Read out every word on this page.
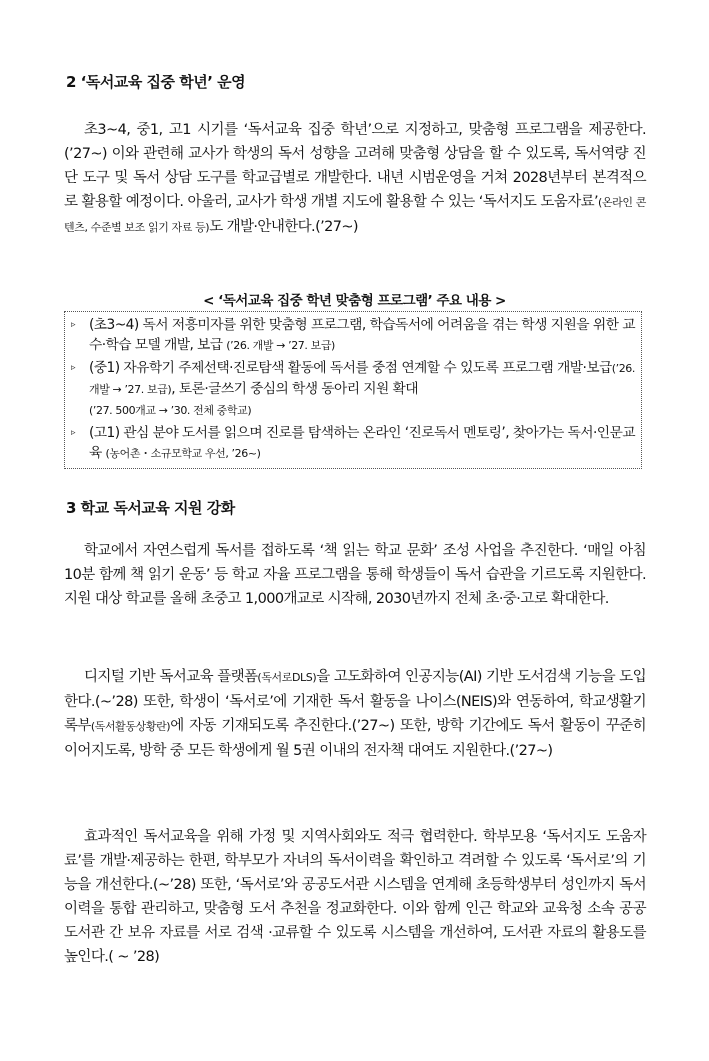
2 ‘독서교육 집중 학년’ 운영

초3~4, 중1, 고1 시기를 ‘독서교육 집중 학년’으로 지정하고, 맞춤형 프로그램을 제공한다.(’27~) 이와 관련해 교사가 학생의 독서 성향을 고려해 맞춤형 상담을 할 수 있도록, 독서역량 진단 도구 및 독서 상담 도구를 학교급별로 개발한다. 내년 시범운영을 거쳐 2028년부터 본격적으로 활용할 예정이다. 아울러, 교사가 학생 개별 지도에 활용할 수 있는 ‘독서지도 도움자료’(온라인 콘텐츠, 수준별 보조 읽기 자료 등)도 개발·안내한다.(’27~)

< ‘독서교육 집중 학년 맞춤형 프로그램’ 주요 내용 >
▹	(초3~4) 독서 저흥미자를 위한 맞춤형 프로그램, 학습독서에 어려움을 겪는 학생 지원을 위한 교수·학습 모델 개발, 보급 (’26. 개발 → ’27. 보급)
▹	(중1) 자유학기 주제선택·진로탐색 활동에 독서를 중점 연계할 수 있도록 프로그램 개발·보급(’26. 개발 → ’27. 보급), 토론·글쓰기 중심의 학생 동아리 지원 확대
(’27. 500개교 → ’30. 전체 중학교)
▹	(고1) 관심 분야 도서를 읽으며 진로를 탐색하는 온라인 ‘진로독서 멘토링’, 찾아가는 독서·인문교육 (농어촌・소규모학교 우선, ’26~)
3 학교 독서교육 지원 강화

학교에서 자연스럽게 독서를 접하도록 ‘책 읽는 학교 문화’ 조성 사업을 추진한다. ‘매일 아침 10분 함께 책 읽기 운동’ 등 학교 자율 프로그램을 통해 학생들이 독서 습관을 기르도록 지원한다. 지원 대상 학교를 올해 초중고 1,000개교로 시작해, 2030년까지 전체 초·중·고로 확대한다.

디지털 기반 독서교육 플랫폼(독서로DLS)을 고도화하여 인공지능(AI) 기반 도서검색 기능을 도입한다.(~’28) 또한, 학생이 ‘독서로’에 기재한 독서 활동을 나이스(NEIS)와 연동하여, 학교생활기록부(독서활동상황란)에 자동 기재되도록 추진한다.(’27~) 또한, 방학 기간에도 독서 활동이 꾸준히 이어지도록, 방학 중 모든 학생에게 월 5권 이내의 전자책 대여도 지원한다.(’27~)

효과적인 독서교육을 위해 가정 및 지역사회와도 적극 협력한다. 학부모용 ‘독서지도 도움자료’를 개발·제공하는 한편, 학부모가 자녀의 독서이력을 확인하고 격려할 수 있도록 ‘독서로’의 기능을 개선한다.(~’28) 또한, ‘독서로’와 공공도서관 시스템을 연계해 초등학생부터 성인까지 독서 이력을 통합 관리하고, 맞춤형 도서 추천을 정교화한다. 이와 함께 인근 학교와 교육청 소속 공공도서관 간 보유 자료를 서로 검색 ·교류할 수 있도록 시스템을 개선하여, 도서관 자료의 활용도를 높인다.( ~ ’28)
